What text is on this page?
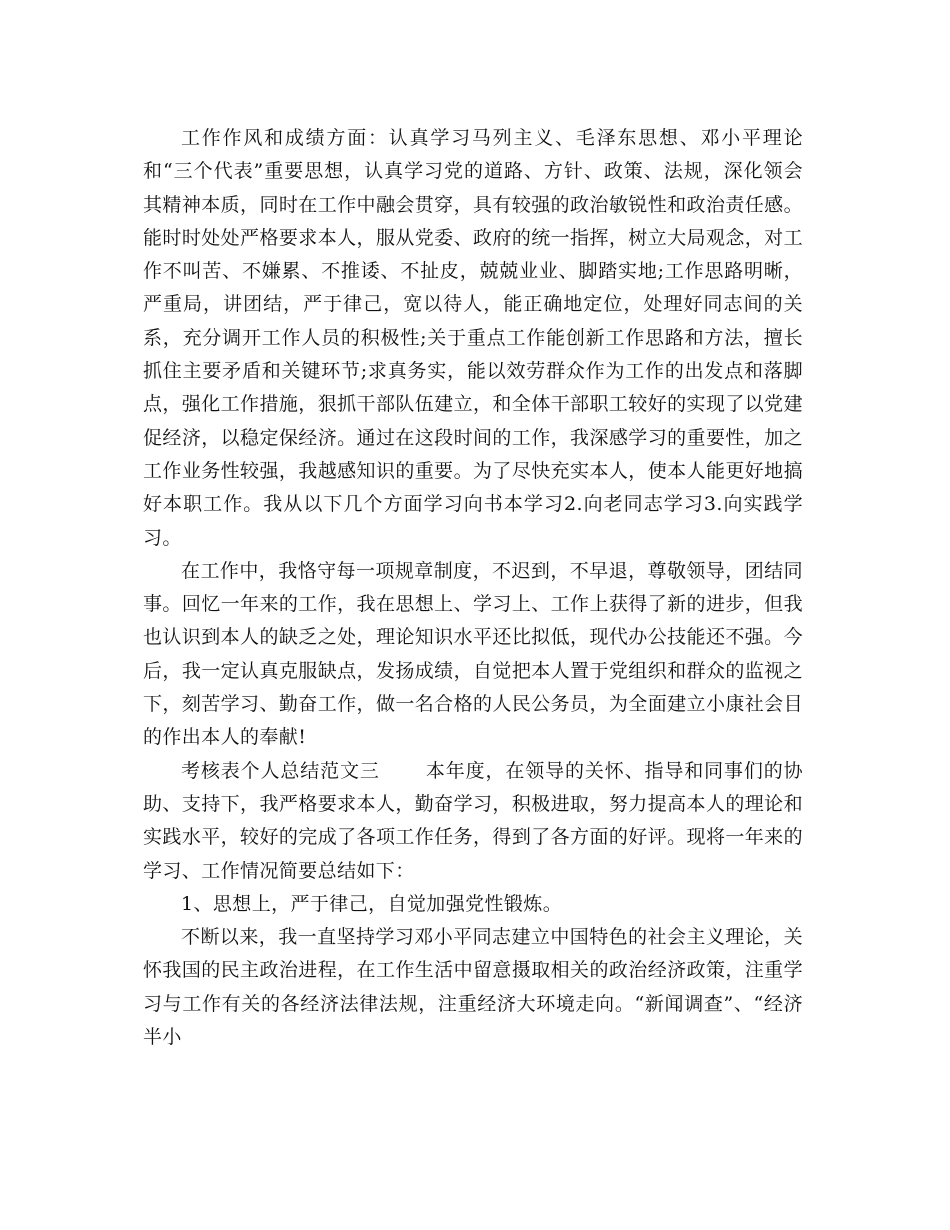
工作作风和成绩方面：认真学习马列主义、毛泽东思想、邓小平理论和“三个代表”重要思想，认真学习党的道路、方针、政策、法规，深化领会其精神本质，同时在工作中融会贯穿，具有较强的政治敏锐性和政治责任感。能时时处处严格要求本人，服从党委、政府的统一指挥，树立大局观念，对工作不叫苦、不嫌累、不推诿、不扯皮，兢兢业业、脚踏实地;工作思路明晰，严重局，讲团结，严于律己，宽以待人，能正确地定位，处理好同志间的关系，充分调开工作人员的积极性;关于重点工作能创新工作思路和方法，擅长抓住主要矛盾和关键环节;求真务实，能以效劳群众作为工作的出发点和落脚点，强化工作措施，狠抓干部队伍建立，和全体干部职工较好的实现了以党建促经济，以稳定保经济。通过在这段时间的工作，我深感学习的重要性，加之工作业务性较强，我越感知识的重要。为了尽快充实本人，使本人能更好地搞好本职工作。我从以下几个方面学习向书本学习2.向老同志学习3.向实践学习。

在工作中，我恪守每一项规章制度，不迟到，不早退，尊敬领导，团结同事。回忆一年来的工作，我在思想上、学习上、工作上获得了新的进步，但我也认识到本人的缺乏之处，理论知识水平还比拟低，现代办公技能还不强。今后，我一定认真克服缺点，发扬成绩，自觉把本人置于党组织和群众的监视之下，刻苦学习、勤奋工作，做一名合格的人民公务员，为全面建立小康社会目的作出本人的奉献!

考核表个人总结范文三 本年度，在领导的关怀、指导和同事们的协助、支持下，我严格要求本人，勤奋学习，积极进取，努力提高本人的理论和实践水平，较好的完成了各项工作任务，得到了各方面的好评。现将一年来的学习、工作情况简要总结如下：

1、思想上，严于律己，自觉加强党性锻炼。

不断以来，我一直坚持学习邓小平同志建立中国特色的社会主义理论，关怀我国的民主政治进程，在工作生活中留意摄取相关的政治经济政策，注重学习与工作有关的各经济法律法规，注重经济大环境走向。“新闻调查”、“经济半小
